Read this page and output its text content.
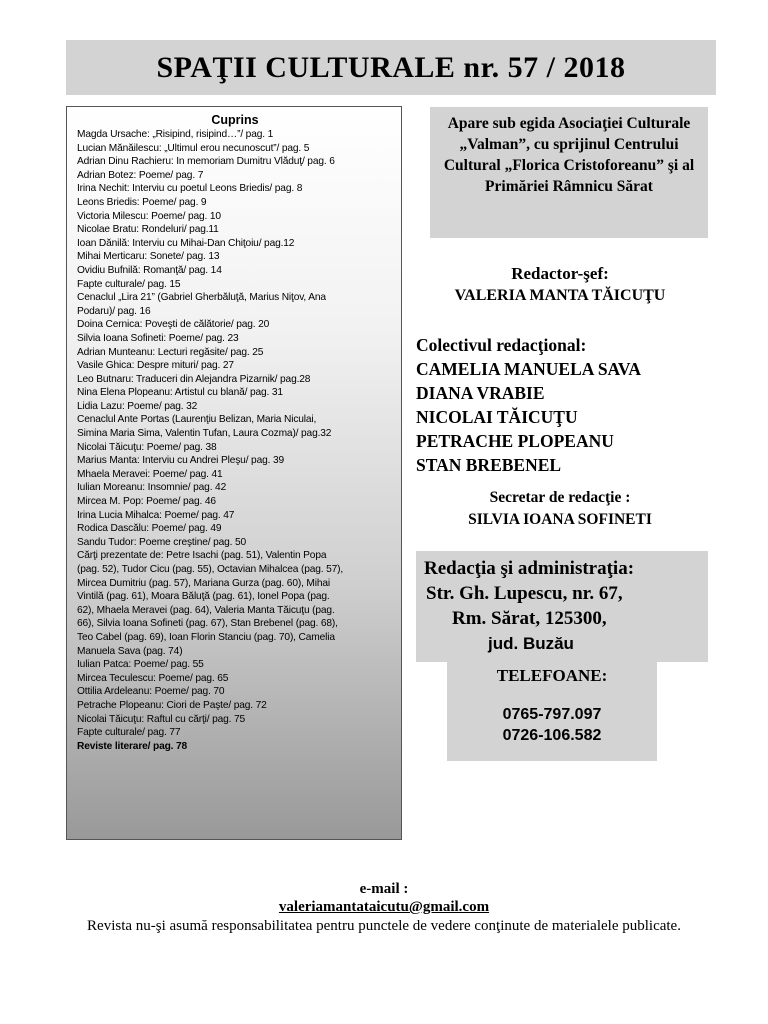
SPAŢII CULTURALE nr. 57 / 2018
Cuprins
Magda Ursache: „Risipind, risipind…”/ pag. 1
Lucian Mănăilescu: „Ultimul erou necunoscut”/ pag. 5
Adrian Dinu Rachieru: In memoriam Dumitru Vlăduţ/ pag. 6
Adrian Botez: Poeme/ pag. 7
Irina Nechit: Interviu cu poetul Leons Briedis/ pag. 8
Leons Briedis: Poeme/ pag. 9
Victoria Milescu: Poeme/ pag. 10
Nicolae Bratu: Rondeluri/ pag.11
Ioan Dănilă: Interviu cu Mihai-Dan Chiţoiu/ pag.12
Mihai Merticaru: Sonete/ pag. 13
Ovidiu Bufnilă: Romanţă/ pag. 14
Fapte culturale/ pag. 15
Cenaclul „Lira 21” (Gabriel Gherbăluţă, Marius Niţov, Ana
Podaru)/ pag. 16
Doina Cernica: Poveşti de călătorie/ pag. 20
Silvia Ioana Sofineti: Poeme/ pag. 23
Adrian Munteanu: Lecturi regăsite/ pag. 25
Vasile Ghica: Despre mituri/ pag. 27
Leo Butnaru: Traduceri din Alejandra Pizarnik/ pag.28
Nina Elena Plopeanu: Artistul cu blană/ pag. 31
Lidia Lazu: Poeme/ pag. 32
Cenaclul Ante Portas (Laurenţiu Belizan, Maria Niculai,
Simina Maria Sima, Valentin Tufan, Laura Cozma)/ pag.32
Nicolai Tăicuţu: Poeme/ pag. 38
Marius Manta: Interviu cu Andrei Pleşu/ pag. 39
Mhaela Meravei: Poeme/ pag. 41
Iulian Moreanu: Insomnie/ pag. 42
Mircea M. Pop: Poeme/ pag. 46
Irina Lucia Mihalca: Poeme/ pag. 47
Rodica Dascălu: Poeme/ pag. 49
Sandu Tudor: Poeme creştine/ pag. 50
Cărţi prezentate de: Petre Isachi (pag. 51), Valentin Popa
(pag. 52), Tudor Cicu (pag. 55), Octavian Mihalcea (pag. 57),
Mircea Dumitriu (pag. 57), Mariana Gurza (pag. 60), Mihai
Vintilă (pag. 61), Moara Băluţă (pag. 61), Ionel Popa (pag.
62), Mhaela Meravei (pag. 64), Valeria Manta Tăicuţu (pag.
66), Silvia Ioana Sofineti (pag. 67), Stan Brebenel (pag. 68),
Teo Cabel (pag. 69), Ioan Florin Stanciu (pag. 70), Camelia
Manuela Sava (pag. 74)
Iulian Patca: Poeme/ pag. 55
Mircea Teculescu: Poeme/ pag. 65
Ottilia Ardeleanu: Poeme/ pag. 70
Petrache Plopeanu: Ciori de Paşte/ pag. 72
Nicolai Tăicuţu: Raftul cu cărţi/ pag. 75
Fapte culturale/ pag. 77
Reviste literare/ pag. 78
Apare sub egida Asociaţiei Culturale „Valman”, cu sprijinul Centrului Cultural „Florica Cristoforeanu” şi al Primăriei Râmnicu Sărat
Redactor-şef:
VALERIA MANTA TĂICUŢU
Colectivul redacţional:
CAMELIA MANUELA SAVA
DIANA VRABIE
NICOLAI TĂICUŢU
PETRACHE PLOPEANU
STAN BREBENEL
Secretar de redacţie :
SILVIA IOANA SOFINETI
Redacţia şi administraţia:
Str. Gh. Lupescu, nr. 67,
Rm. Sărat, 125300,
jud. Buzău
TELEFOANE:
0765-797.097
0726-106.582
e-mail :
valeriamantataicutu@gmail.com
Revista nu-şi asumă responsabilitatea pentru punctele de vedere conţinute de materialele publicate.
